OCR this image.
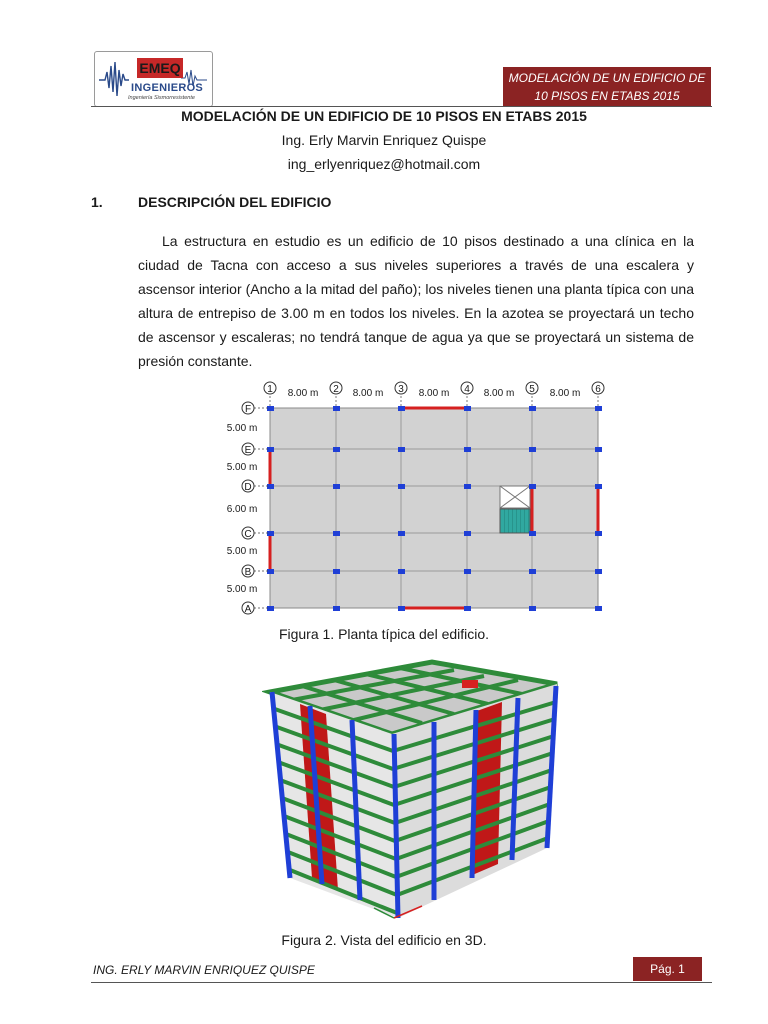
EMEQ
INGENIEROS
Ingeniería Sismorresistente
MODELACIÓN DE UN EDIFICIO DE
10 PISOS EN ETABS 2015
MODELACIÓN DE UN EDIFICIO DE 10 PISOS EN ETABS 2015
Ing. Erly Marvin Enriquez Quispe
ing_erlyenriquez@hotmail.com
1.	DESCRIPCIÓN DEL EDIFICIO

La estructura en estudio es un edificio de 10 pisos destinado a una clínica en la ciudad de Tacna con acceso a sus niveles superiores a través de una escalera y ascensor interior (Ancho a la mitad del paño); los niveles tienen una planta típica con una altura de entrepiso de 3.00 m en todos los niveles. En la azotea se proyectará un techo de ascensor y escaleras; no tendrá tanque de agua ya que se proyectará un sistema de presión constante.

1	2	3	4	5	6
8.00 m	8.00 m	8.00 m	8.00 m	8.00 m
F
E
D
C
B
A
5.00 m
5.00 m
6.00 m
5.00 m
5.00 m
Figura 1. Planta típica del edificio.
Figura 2. Vista del edificio en 3D.
ING. ERLY MARVIN ENRIQUEZ QUISPE	Pág. 1
